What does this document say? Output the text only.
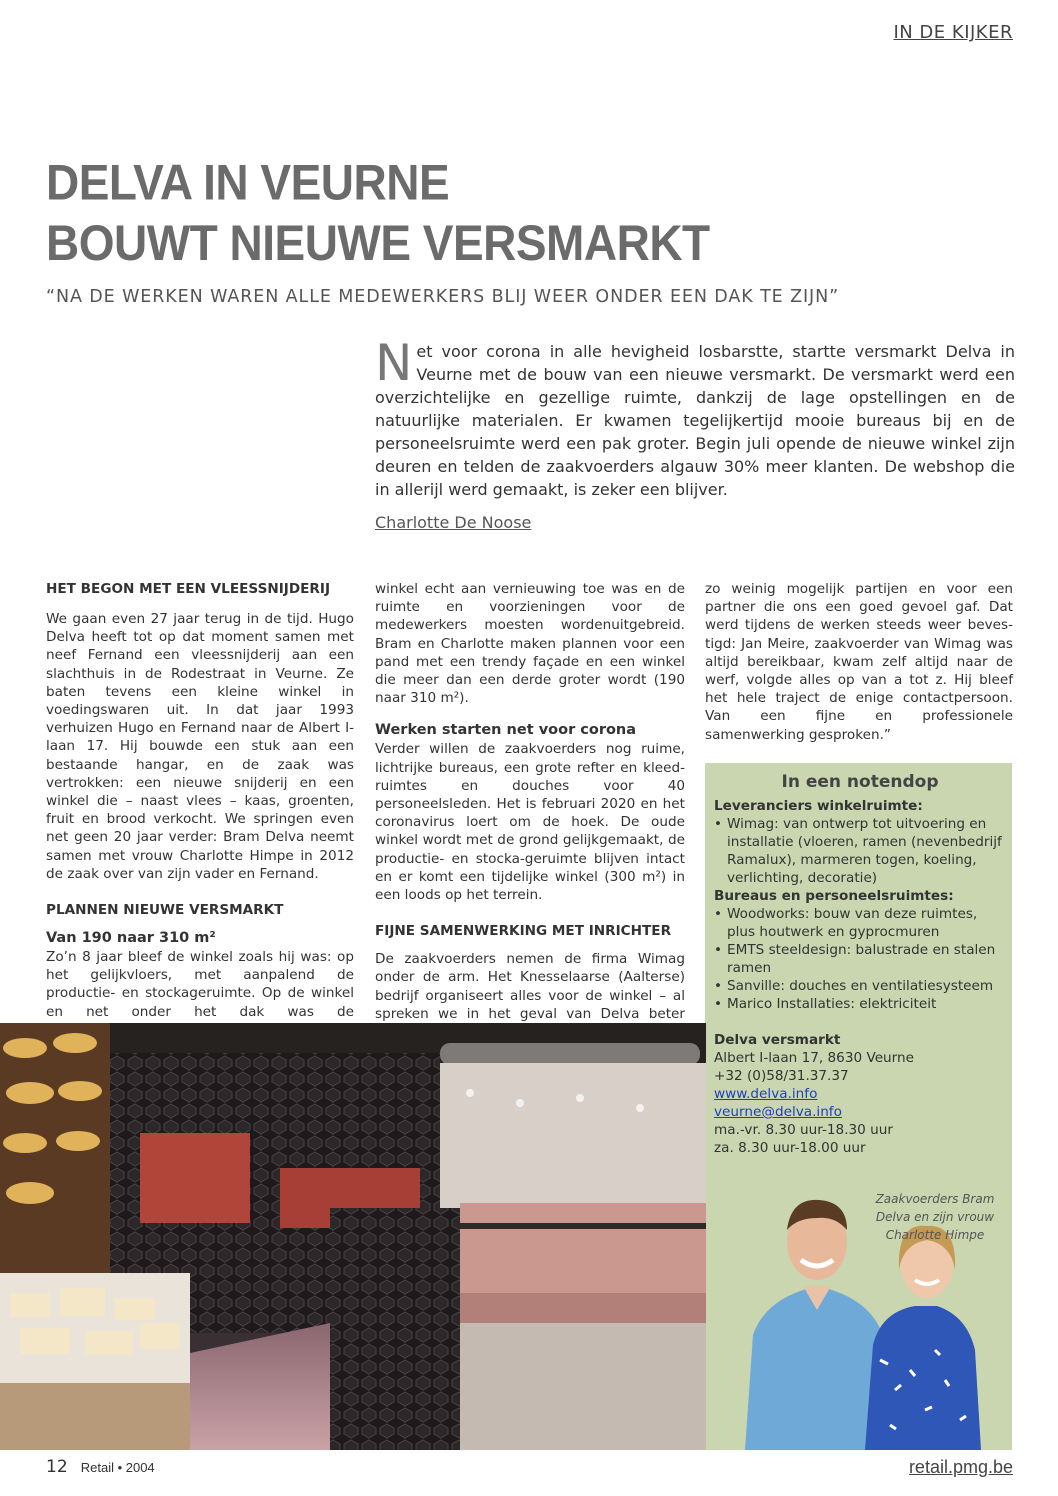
IN DE KIJKER
DELVA IN VEURNE
BOUWT NIEUWE VERSMARKT
“NA DE WERKEN WAREN ALLE MEDEWERKERS BLIJ WEER ONDER EEN DAK TE ZIJN”
N et voor corona in alle hevigheid losbarstte, startte versmarkt Delva in Veurne met de bouw van een nieuwe versmarkt. De versmarkt werd een overzichtelijke en gezellige ruimte, dankzij de lage opstellingen en de natuurlijke materialen. Er kwamen tegelijkertijd mooie bureaus bij en de personeelsruimte werd een pak groter. Begin juli opende de nieuwe winkel zijn deuren en telden de zaakvoerders algauw 30% meer klanten. De webshop die in allerijl werd gemaakt, is zeker een blijver.
Charlotte De Noose
HET BEGON MET EEN VLEESSNIJDERIJ

We gaan even 27 jaar terug in de tijd. Hugo Delva heeft tot op dat moment samen met neef Fernand een vleessnijderij aan een slachthuis in de Rodestraat in Veurne. Ze baten tevens een kleine winkel in voedingswaren uit. In dat jaar 1993 verhuizen Hugo en Fernand naar de Albert I-laan 17. Hij bouwde een stuk aan een bestaande hangar, en de zaak was vertrokken: een nieuwe snijderij en een winkel die – naast vlees – kaas, groenten, fruit en brood verkocht. We springen even net geen 20 jaar verder: Bram Delva neemt samen met vrouw Charlotte Himpe in 2012 de zaak over van zijn vader en Fernand.

PLANNEN NIEUWE VERSMARKT
Van 190 naar 310 m²

Zo’n 8 jaar bleef de winkel zoals hij was: op het gelijkvloers, met aanpalend de productie- en stockageruimte. Op de winkel en net onder het dak was de

winkel echt aan vernieuwing toe was en de ruimte en voorzieningen voor de medewerkers moesten wordenuitgebreid. Bram en Charlotte maken plannen voor een pand met een trendy façade en een winkel die meer dan een derde groter wordt (190 naar 310 m²).

Werken starten net voor corona

Verder willen de zaakvoerders nog ruime, lichtrijke bureaus, een grote refter en kleed-ruimtes en douches voor 40 personeelsleden. Het is februari 2020 en het coronavirus loert om de hoek. De oude winkel wordt met de grond gelijkgemaakt, de productie- en stocka-geruimte blijven intact en er komt een tijdelijke winkel (300 m²) in een loods op het terrein.

FIJNE SAMENWERKING MET INRICHTER

De zaakvoerders nemen de firma Wimag onder de arm. Het Knesselaarse (Aalterse) bedrijf organiseert alles voor de winkel – al spreken we in het geval van Delva beter

zo weinig mogelijk partijen en voor een partner die ons een goed gevoel gaf. Dat werd tijdens de werken steeds weer beves-tigd: Jan Meire, zaakvoerder van Wimag was altijd bereikbaar, kwam zelf altijd naar de werf, volgde alles op van a tot z. Hij bleef het hele traject de enige contactpersoon. Van een fijne en professionele samenwerking gesproken.”

In een notendop
Leveranciers winkelruimte:
• Wimag: van ontwerp tot uitvoering en installatie (vloeren, ramen (nevenbedrijf Ramalux), marmeren togen, koeling, verlichting, decoratie)
Bureaus en personeelsruimtes:
• Woodworks: bouw van deze ruimtes, plus houtwerk en gyprocmuren
• EMTS steeldesign: balustrade en stalen ramen
• Sanville: douches en ventilatiesysteem
• Marico Installaties: elektriciteit
Delva versmarkt
Albert I-laan 17, 8630 Veurne
+32 (0)58/31.37.37
www.delva.info
veurne@delva.info
ma.-vr. 8.30 uur-18.30 uur
za. 8.30 uur-18.00 uur
Zaakvoerders Bram
Delva en zijn vrouw
Charlotte Himpe
12 Retail • 2004	retail.pmg.be
